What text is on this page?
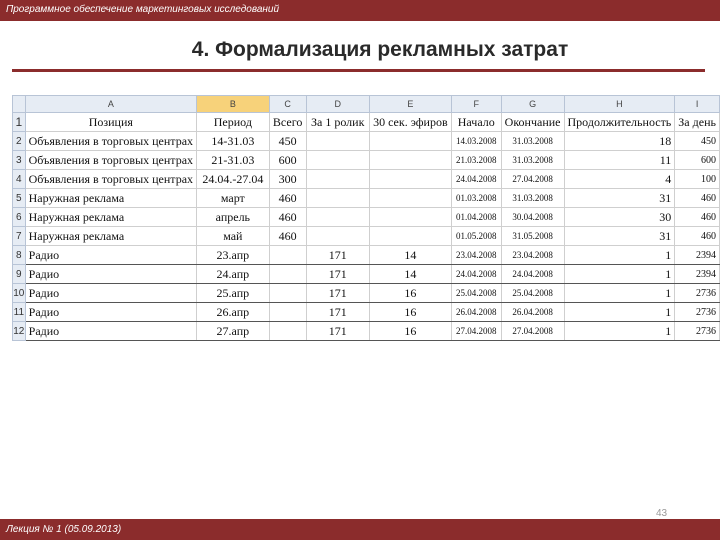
Программное обеспечение маркетинговых исследований
4. Формализация рекламных затрат
	A	B	C	D	E	F	G	H	I
1	Позиция	Период	Всего	За 1 ролик	30 сек. эфиров	Начало	Окончание	Продолжительность	За день
2	Объявления в торговых центрах	14-31.03	450			14.03.2008	31.03.2008	18	450
3	Объявления в торговых центрах	21-31.03	600			21.03.2008	31.03.2008	11	600
4	Объявления в торговых центрах	24.04.-27.04	300			24.04.2008	27.04.2008	4	100
5	Наружная реклама	март	460			01.03.2008	31.03.2008	31	460
6	Наружная реклама	апрель	460			01.04.2008	30.04.2008	30	460
7	Наружная реклама	май	460			01.05.2008	31.05.2008	31	460
8	Радио	23.апр		171	14	23.04.2008	23.04.2008	1	2394
9	Радио	24.апр		171	14	24.04.2008	24.04.2008	1	2394
10	Радио	25.апр		171	16	25.04.2008	25.04.2008	1	2736
11	Радио	26.апр		171	16	26.04.2008	26.04.2008	1	2736
12	Радио	27.апр		171	16	27.04.2008	27.04.2008	1	2736
43
Лекция № 1 (05.09.2013)
